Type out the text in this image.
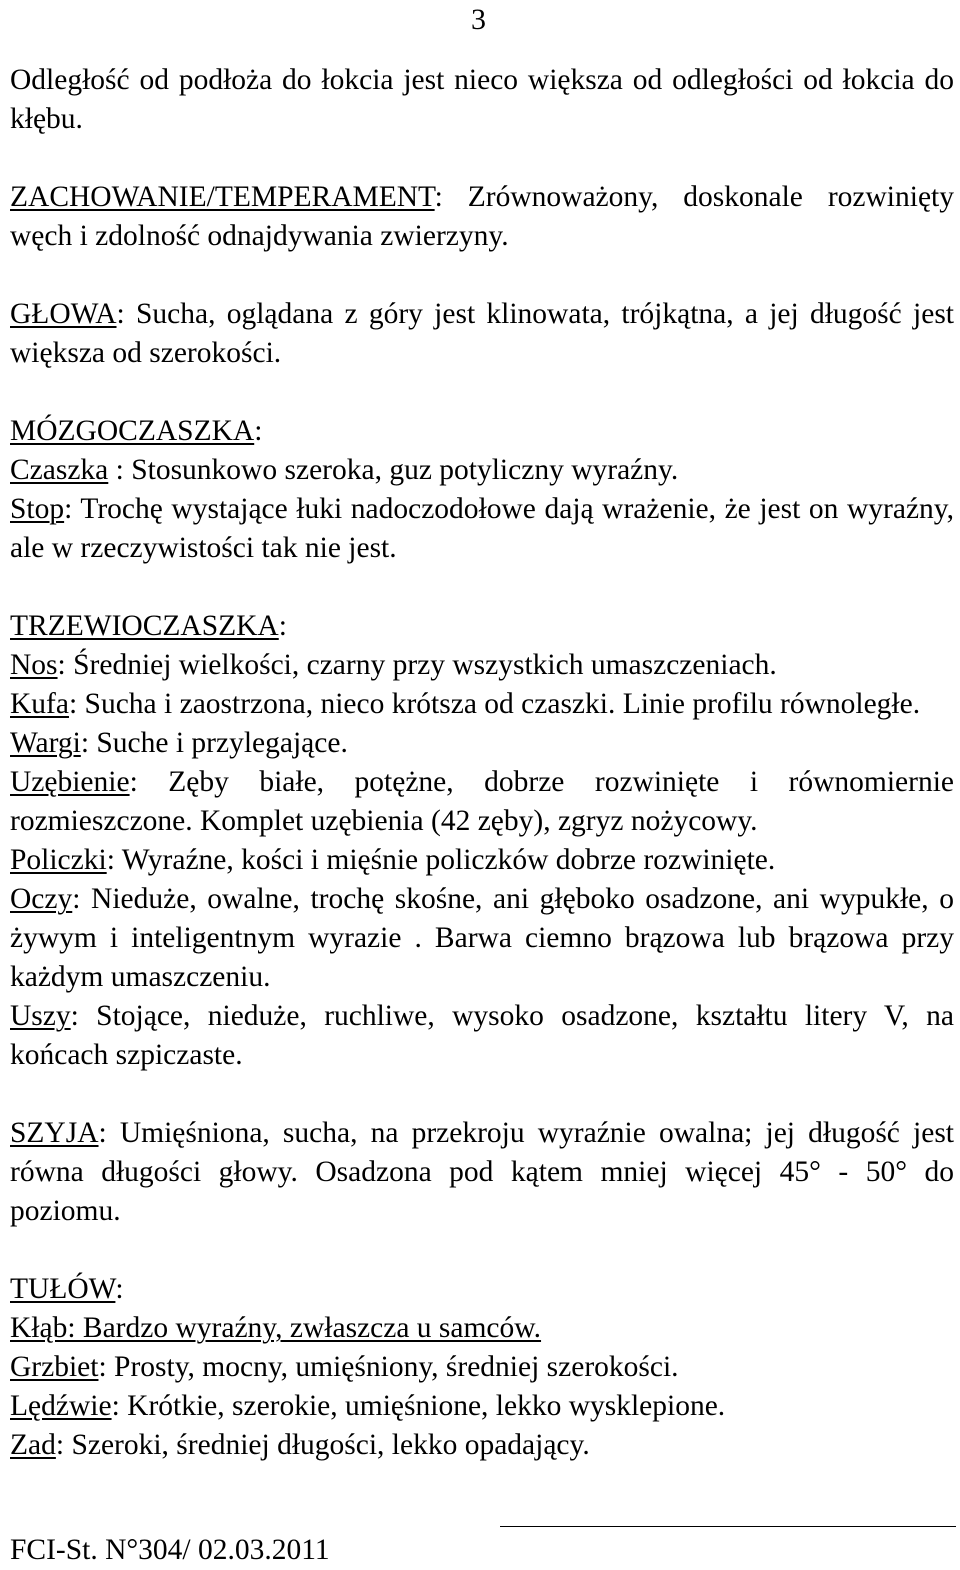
3

Odległość od podłoża do łokcia jest nieco większa od odległości od łokcia do kłębu.

ZACHOWANIE/TEMPERAMENT: Zrównoważony, doskonale rozwinięty węch i zdolność odnajdywania zwierzyny.

GŁOWA: Sucha, oglądana z góry jest klinowata, trójkątna, a jej długość jest większa od szerokości.

MÓZGOCZASZKA:

Czaszka : Stosunkowo szeroka, guz potyliczny wyraźny.

Stop: Trochę wystające łuki nadoczodołowe dają wrażenie, że jest on wyraźny, ale w rzeczywistości tak nie jest.

TRZEWIOCZASZKA:

Nos: Średniej wielkości, czarny przy wszystkich umaszczeniach.

Kufa: Sucha i zaostrzona, nieco krótsza od czaszki. Linie profilu równoległe.

Wargi: Suche i przylegające.

Uzębienie: Zęby białe, potężne, dobrze rozwinięte i równomiernie rozmieszczone. Komplet uzębienia (42 zęby), zgryz nożycowy.

Policzki: Wyraźne, kości i mięśnie policzków dobrze rozwinięte.

Oczy: Nieduże, owalne, trochę skośne, ani głęboko osadzone, ani wypukłe, o żywym i inteligentnym wyrazie . Barwa ciemno brązowa lub brązowa przy każdym umaszczeniu.

Uszy: Stojące, nieduże, ruchliwe, wysoko osadzone, kształtu litery V, na końcach szpiczaste.

SZYJA: Umięśniona, sucha, na przekroju wyraźnie owalna; jej długość jest równa długości głowy. Osadzona pod kątem mniej więcej 45° - 50° do poziomu.

TUŁÓW:

Kłąb: Bardzo wyraźny, zwłaszcza u samców.

Grzbiet: Prosty, mocny, umięśniony, średniej szerokości.

Lędźwie: Krótkie, szerokie, umięśnione, lekko wysklepione.

Zad: Szeroki, średniej długości, lekko opadający.

FCI-St. N°304/ 02.03.2011
